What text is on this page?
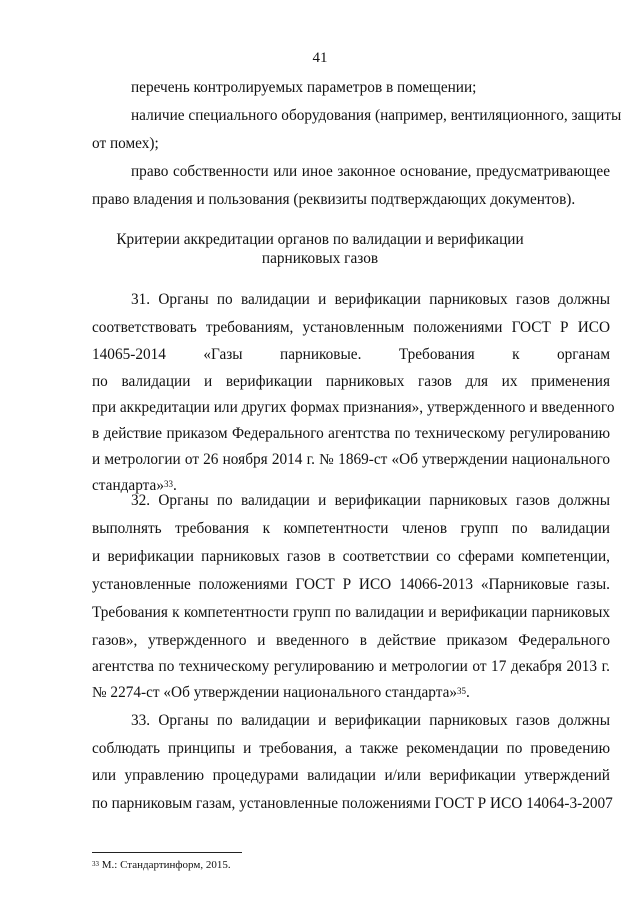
41
перечень контролируемых параметров в помещении;
наличие специального оборудования (например, вентиляционного, защиты
от помех);
право собственности или иное законное основание, предусматривающее
право владения и пользования (реквизиты подтверждающих документов).
Критерии аккредитации органов по валидации и верификации
парниковых газов
31. Органы по валидации и верификации парниковых газов должны
соответствовать требованиям, установленным положениями ГОСТ Р ИСО
14065-2014 «Газы парниковые. Требования к органам
по валидации и верификации парниковых газов для их применения
при аккредитации или других формах признания», утвержденного и введенного
в действие приказом Федерального агентства по техническому регулированию
и метрологии от 26 ноября 2014 г. № 1869-ст «Об утверждении национального
стандарта»$^{33}$.
32. Органы по валидации и верификации парниковых газов должны
выполнять требования к компетентности членов групп по валидации
и верификации парниковых газов в соответствии со сферами компетенции,
установленные положениями ГОСТ Р ИСО 14066-2013 «Парниковые газы.
Требования к компетентности групп по валидации и верификации парниковых
газов», утвержденного и введенного в действие приказом Федерального
агентства по техническому регулированию и метрологии от 17 декабря 2013 г.
№ 2274-ст «Об утверждении национального стандарта»$^{35}$.
33. Органы по валидации и верификации парниковых газов должны
соблюдать принципы и требования, а также рекомендации по проведению
или управлению процедурами валидации и/или верификации утверждений
по парниковым газам, установленные положениями ГОСТ Р ИСО 14064-3-2007
$^{33}$ М.: Стандартинформ, 2015.
